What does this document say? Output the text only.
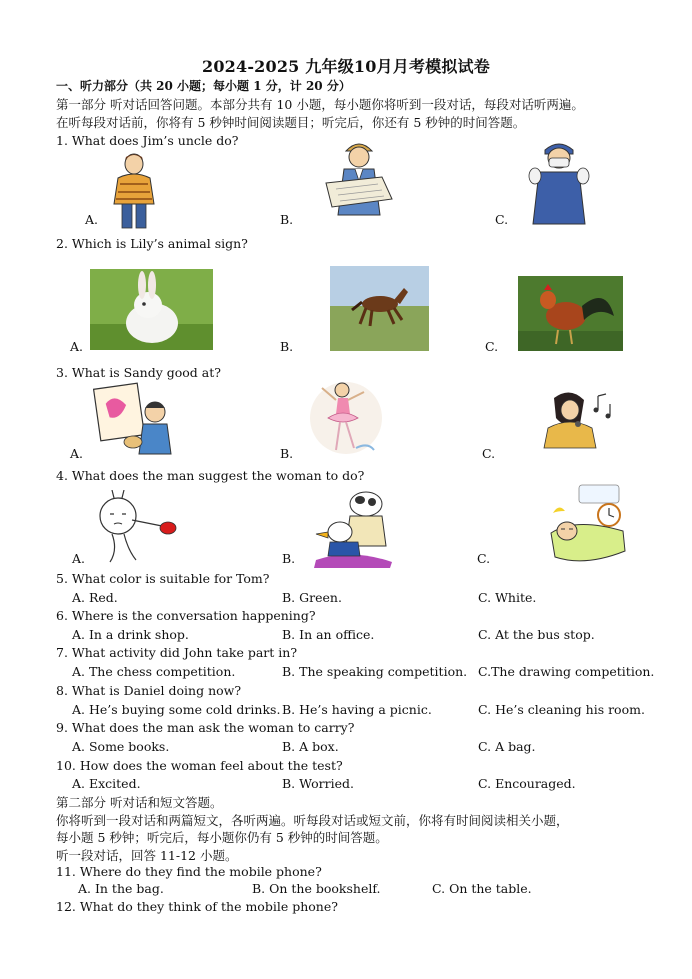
2024-2025 九年级10月月考模拟试卷
一、听力部分（共 20 小题；每小题 1 分，计 20 分）
第一部分 听对话回答问题。本部分共有 10 小题，每小题你将听到一段对话，每段对话听两遍。
在听每段对话前，你将有 5 秒钟时间阅读题目；听完后，你还有 5 秒钟的时间答题。
1. What does Jim’s uncle do?
A.	B.	C.
2. Which is Lily’s animal sign?
A.	B.	C.
3. What is Sandy good at?
A.	B.	C.
4. What does the man suggest the woman to do?
A.	B.	C.
5. What color is suitable for Tom?
A. Red.	B. Green.	C. White.
6. Where is the conversation happening?
A. In a drink shop.	B. In an office.	C. At the bus stop.
7. What activity did John take part in?
A. The chess competition.	B. The speaking competition. C.The drawing competition.
8. What is Daniel doing now?
A. He’s buying some cold drinks. B. He’s having a picnic.	C. He’s cleaning his room.
9. What does the man ask the woman to carry?
A. Some books.	B. A box.	C. A bag.
10. How does the woman feel about the test?
A. Excited.	B. Worried.	C. Encouraged.
第二部分 听对话和短文答题。
你将听到一段对话和两篇短文，各听两遍。听每段对话或短文前，你将有时间阅读相关小题，
每小题 5 秒钟；听完后，每小题你仍有 5 秒钟的时间答题。
听一段对话，回答 11-12 小题。
11. Where do they find the mobile phone?
A. In the bag.	B. On the bookshelf.	C. On the table.
12. What do they think of the mobile phone?
